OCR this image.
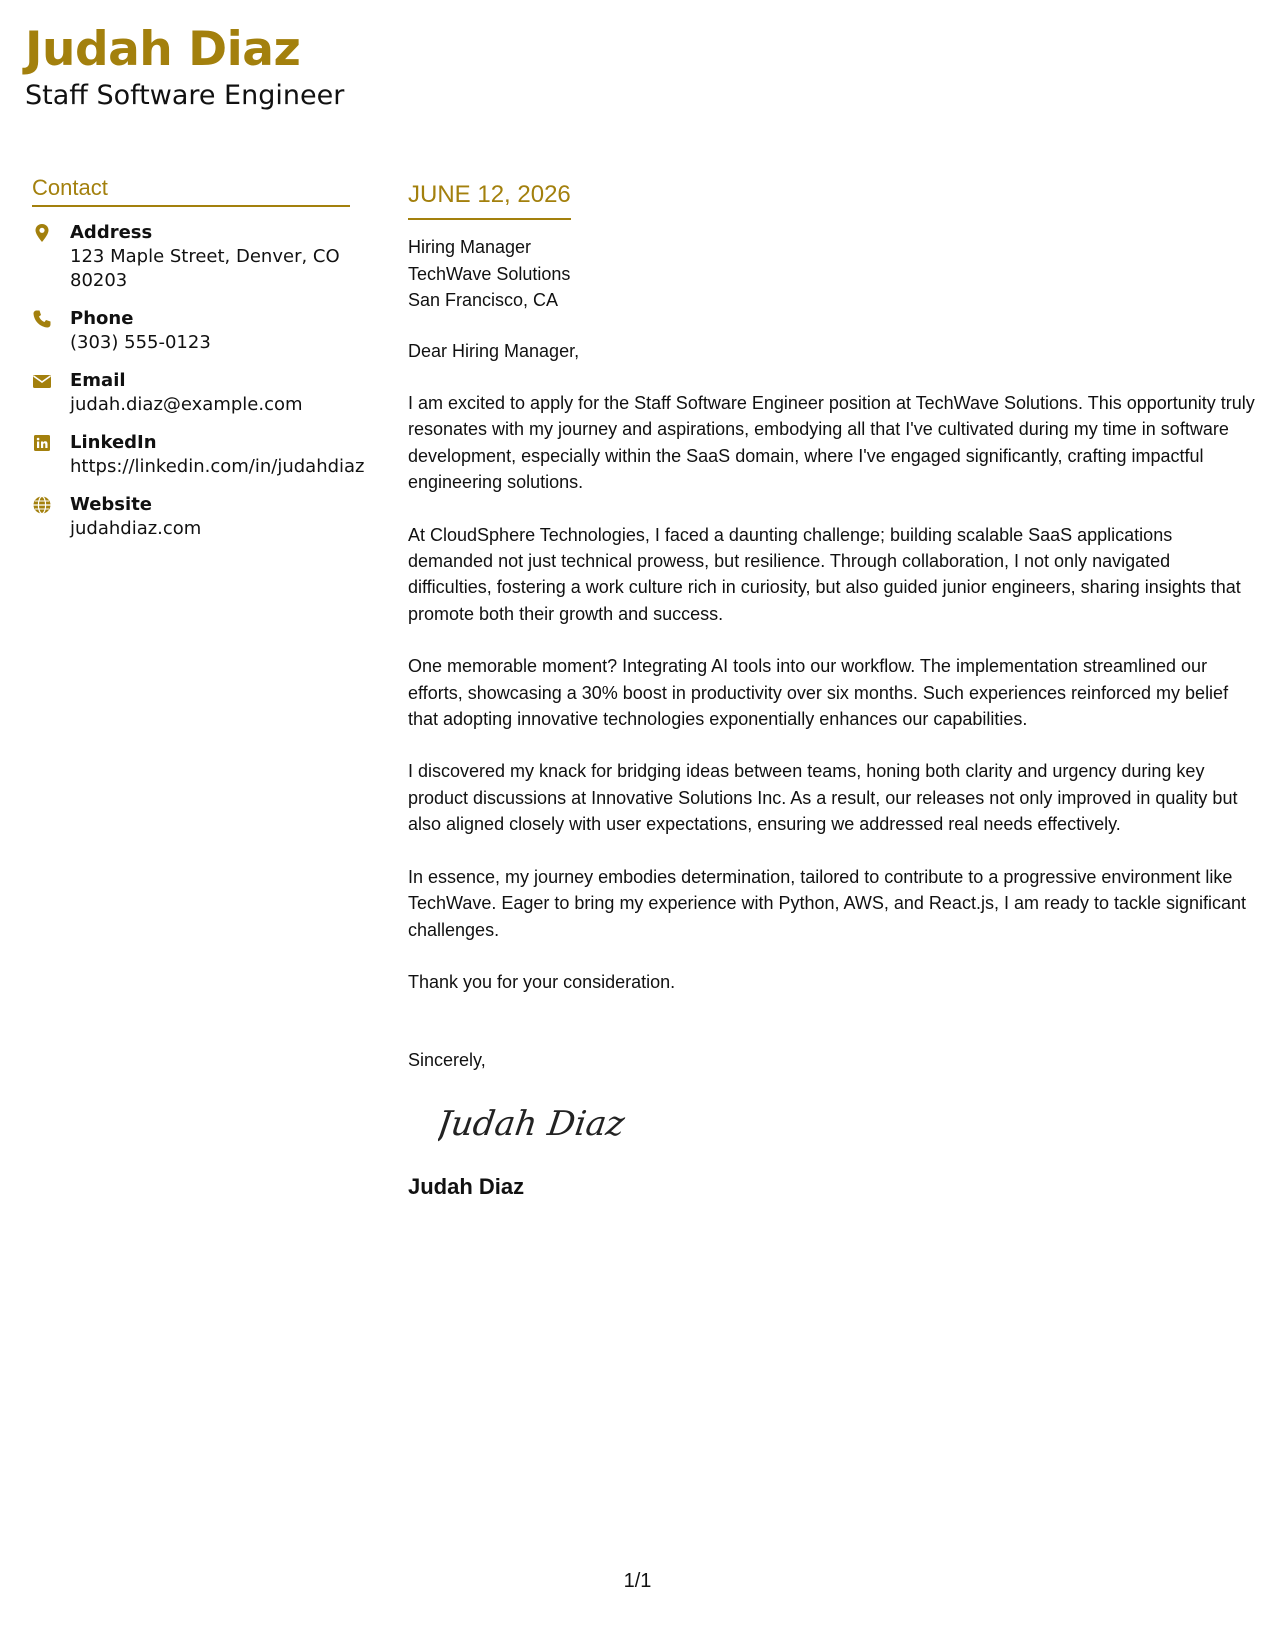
Judah Diaz
Staff Software Engineer
Contact
Address
123 Maple Street, Denver, CO 80203
Phone
(303) 555-0123
Email
judah.diaz@example.com
LinkedIn
https://linkedin.com/in/judahdiaz
Website
judahdiaz.com
JUNE 12, 2026
Hiring Manager
TechWave Solutions
San Francisco, CA
Dear Hiring Manager,
I am excited to apply for the Staff Software Engineer position at TechWave Solutions. This opportunity truly resonates with my journey and aspirations, embodying all that I've cultivated during my time in software development, especially within the SaaS domain, where I've engaged significantly, crafting impactful engineering solutions.
At CloudSphere Technologies, I faced a daunting challenge; building scalable SaaS applications demanded not just technical prowess, but resilience. Through collaboration, I not only navigated difficulties, fostering a work culture rich in curiosity, but also guided junior engineers, sharing insights that promote both their growth and success.
One memorable moment? Integrating AI tools into our workflow. The implementation streamlined our efforts, showcasing a 30% boost in productivity over six months. Such experiences reinforced my belief that adopting innovative technologies exponentially enhances our capabilities.
I discovered my knack for bridging ideas between teams, honing both clarity and urgency during key product discussions at Innovative Solutions Inc. As a result, our releases not only improved in quality but also aligned closely with user expectations, ensuring we addressed real needs effectively.
In essence, my journey embodies determination, tailored to contribute to a progressive environment like TechWave. Eager to bring my experience with Python, AWS, and React.js, I am ready to tackle significant challenges.
Thank you for your consideration.
Sincerely,
Judah Diaz
Judah Diaz
1/1
